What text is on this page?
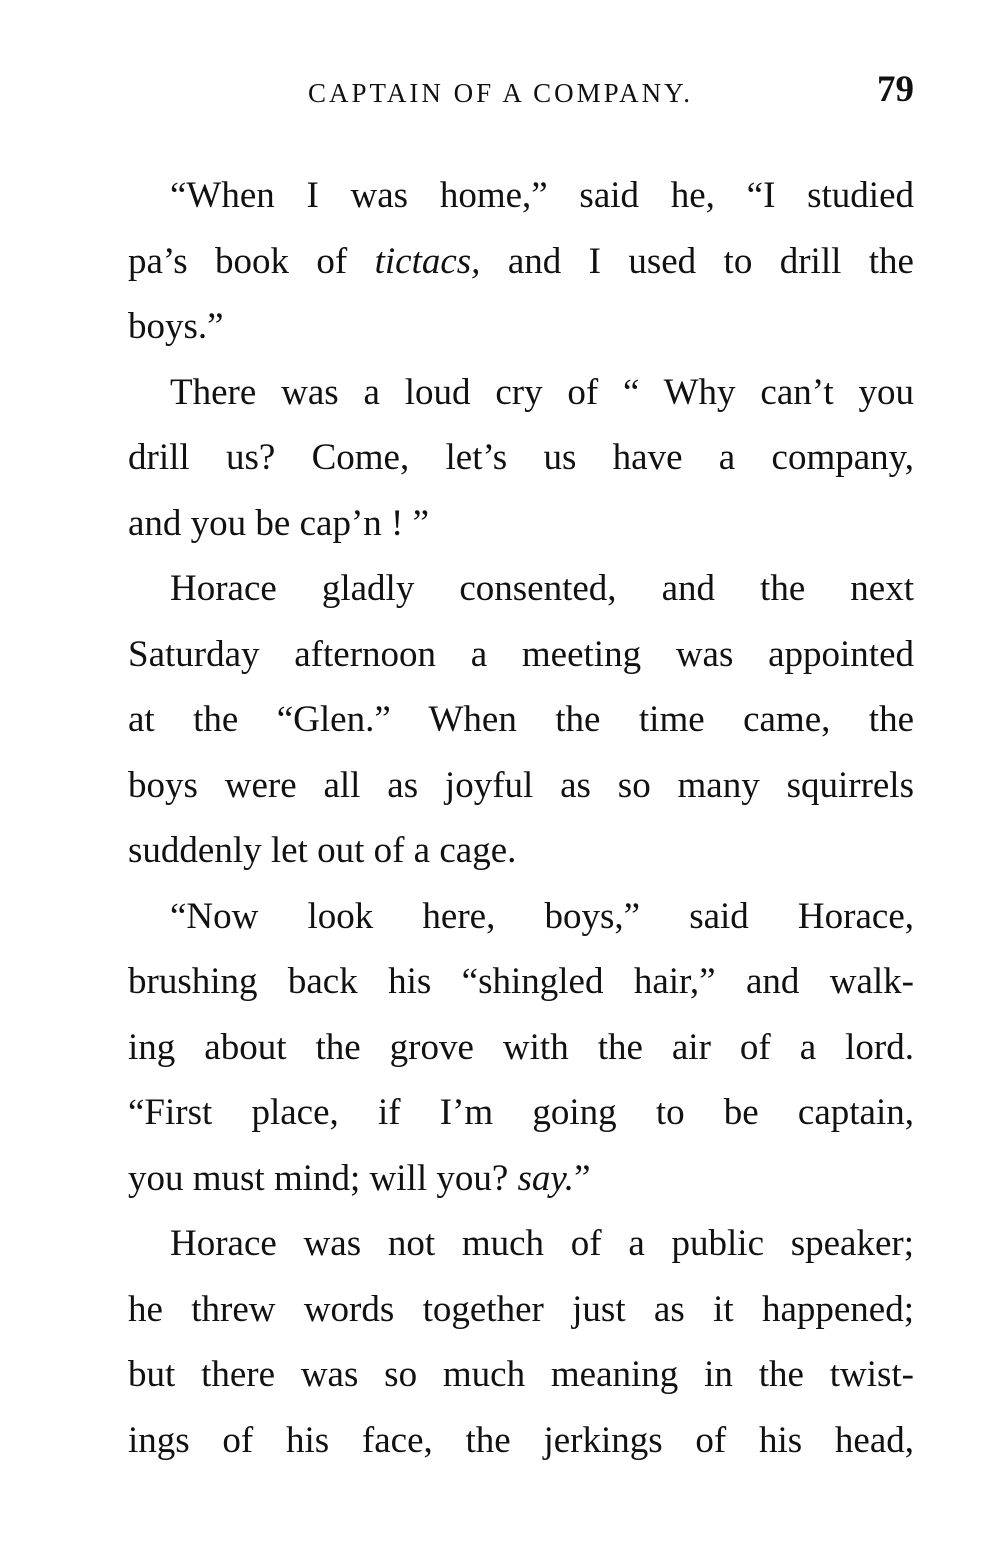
CAPTAIN OF A COMPANY.	79
“When I was home,” said he, “I studied
pa’s book of tictacs, and I used to drill the
boys.”
There was a loud cry of “ Why can’t you
drill us? Come, let’s us have a company,
and you be cap’n ! ”
Horace gladly consented, and the next
Saturday afternoon a meeting was appointed
at the “Glen.” When the time came, the
boys were all as joyful as so many squirrels
suddenly let out of a cage.
“Now look here, boys,” said Horace,
brushing back his “shingled hair,” and walk-
ing about the grove with the air of a lord.
“First place, if I’m going to be captain,
you must mind; will you? say.”
Horace was not much of a public speaker;
he threw words together just as it happened;
but there was so much meaning in the twist-
ings of his face, the jerkings of his head,
